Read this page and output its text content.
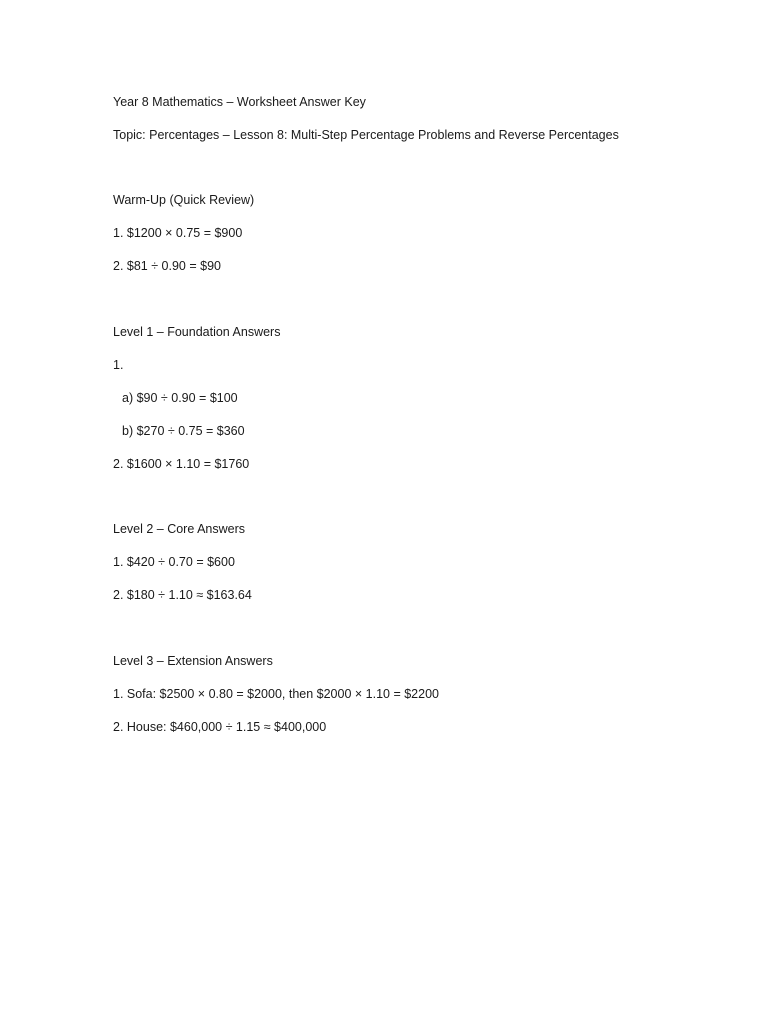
Year 8 Mathematics – Worksheet Answer Key
Topic: Percentages – Lesson 8: Multi-Step Percentage Problems and Reverse Percentages
Warm-Up (Quick Review)
1. $1200 × 0.75 = $900
2. $81 ÷ 0.90 = $90
Level 1 – Foundation Answers
1.
a) $90 ÷ 0.90 = $100
b) $270 ÷ 0.75 = $360
2. $1600 × 1.10 = $1760
Level 2 – Core Answers
1. $420 ÷ 0.70 = $600
2. $180 ÷ 1.10 ≈ $163.64
Level 3 – Extension Answers
1. Sofa: $2500 × 0.80 = $2000, then $2000 × 1.10 = $2200
2. House: $460,000 ÷ 1.15 ≈ $400,000
